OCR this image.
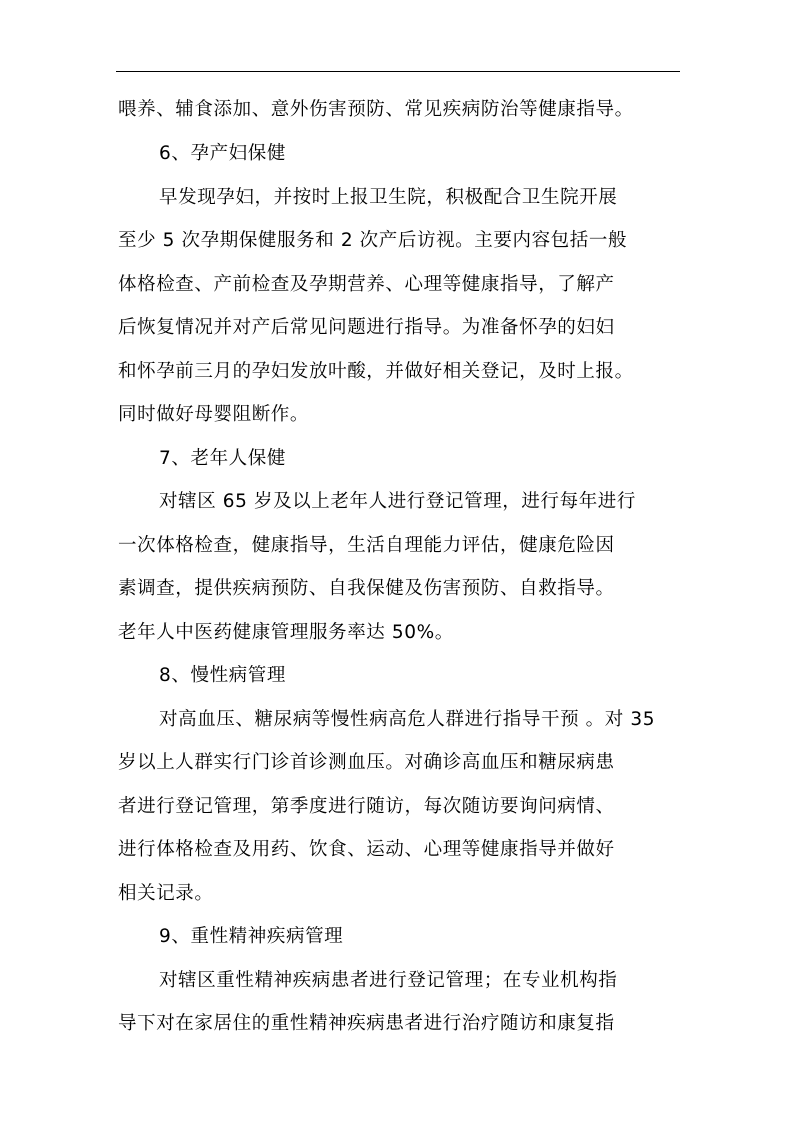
喂养、辅食添加、意外伤害预防、常见疾病防治等健康指导。
6、孕产妇保健
早发现孕妇，并按时上报卫生院，积极配合卫生院开展
至少 5 次孕期保健服务和 2 次产后访视。主要内容包括一般
体格检查、产前检查及孕期营养、心理等健康指导，了解产
后恢复情况并对产后常见问题进行指导。为准备怀孕的妇妇
和怀孕前三月的孕妇发放叶酸，并做好相关登记，及时上报。
同时做好母婴阻断作。
7、老年人保健
对辖区 65 岁及以上老年人进行登记管理，进行每年进行
一次体格检查，健康指导，生活自理能力评估，健康危险因
素调查，提供疾病预防、自我保健及伤害预防、自救指导。
老年人中医药健康管理服务率达 50%。
8、慢性病管理
对高血压、糖尿病等慢性病高危人群进行指导干预 。对 35
岁以上人群实行门诊首诊测血压。对确诊高血压和糖尿病患
者进行登记管理，第季度进行随访，每次随访要询问病情、
进行体格检查及用药、饮食、运动、心理等健康指导并做好
相关记录。
9、重性精神疾病管理
对辖区重性精神疾病患者进行登记管理；在专业机构指
导下对在家居住的重性精神疾病患者进行治疗随访和康复指
